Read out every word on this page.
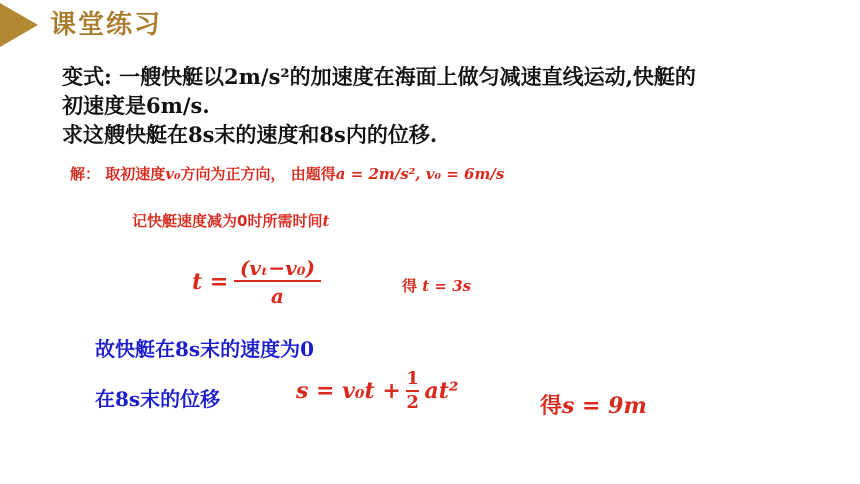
课堂练习
变式: 一艘快艇以2m/s²的加速度在海面上做匀减速直线运动,快艇的
初速度是6m/s.
求这艘快艇在8s末的速度和8s内的位移.
解： 取初速度v₀方向为正方向， 由题得a = 2m/s², v₀ = 6m/s
记快艇速度减为0时所需时间t
$t = \frac{\text{(vₜ−v₀)}}{a}$	得 t = 3s
故快艇在8s末的速度为0
在8s末的位移	$s = v_0t + \frac{1}{2} at^2$
得s = 9m
